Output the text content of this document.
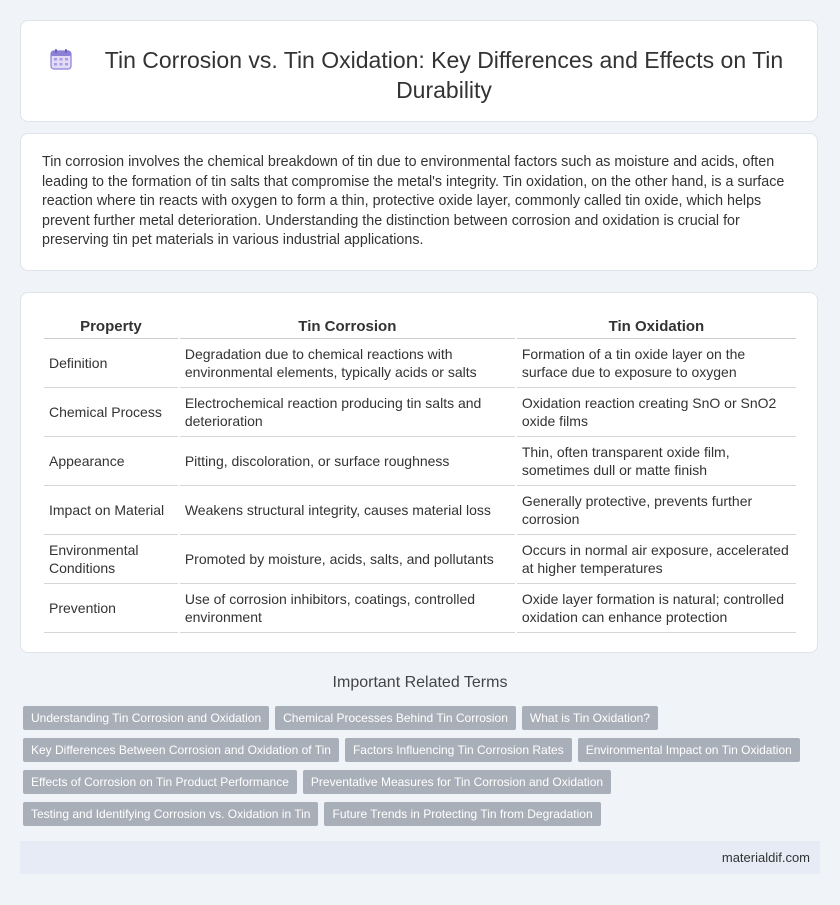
Tin Corrosion vs. Tin Oxidation: Key Differences and Effects on Tin Durability

Tin corrosion involves the chemical breakdown of tin due to environmental factors such as moisture and acids, often leading to the formation of tin salts that compromise the metal's integrity. Tin oxidation, on the other hand, is a surface reaction where tin reacts with oxygen to form a thin, protective oxide layer, commonly called tin oxide, which helps prevent further metal deterioration. Understanding the distinction between corrosion and oxidation is crucial for preserving tin pet materials in various industrial applications.

Property	Tin Corrosion	Tin Oxidation
Definition	Degradation due to chemical reactions with environmental elements, typically acids or salts	Formation of a tin oxide layer on the surface due to exposure to oxygen
Chemical Process	Electrochemical reaction producing tin salts and deterioration	Oxidation reaction creating SnO or SnO2 oxide films
Appearance	Pitting, discoloration, or surface roughness	Thin, often transparent oxide film, sometimes dull or matte finish
Impact on Material	Weakens structural integrity, causes material loss	Generally protective, prevents further corrosion
Environmental Conditions	Promoted by moisture, acids, salts, and pollutants	Occurs in normal air exposure, accelerated at higher temperatures
Prevention	Use of corrosion inhibitors, coatings, controlled environment	Oxide layer formation is natural; controlled oxidation can enhance protection
Important Related Terms
Understanding Tin Corrosion and Oxidation	Chemical Processes Behind Tin Corrosion	What is Tin Oxidation?
Key Differences Between Corrosion and Oxidation of Tin	Factors Influencing Tin Corrosion Rates	Environmental Impact on Tin Oxidation
Effects of Corrosion on Tin Product Performance	Preventative Measures for Tin Corrosion and Oxidation
Testing and Identifying Corrosion vs. Oxidation in Tin	Future Trends in Protecting Tin from Degradation
materialdif.com
